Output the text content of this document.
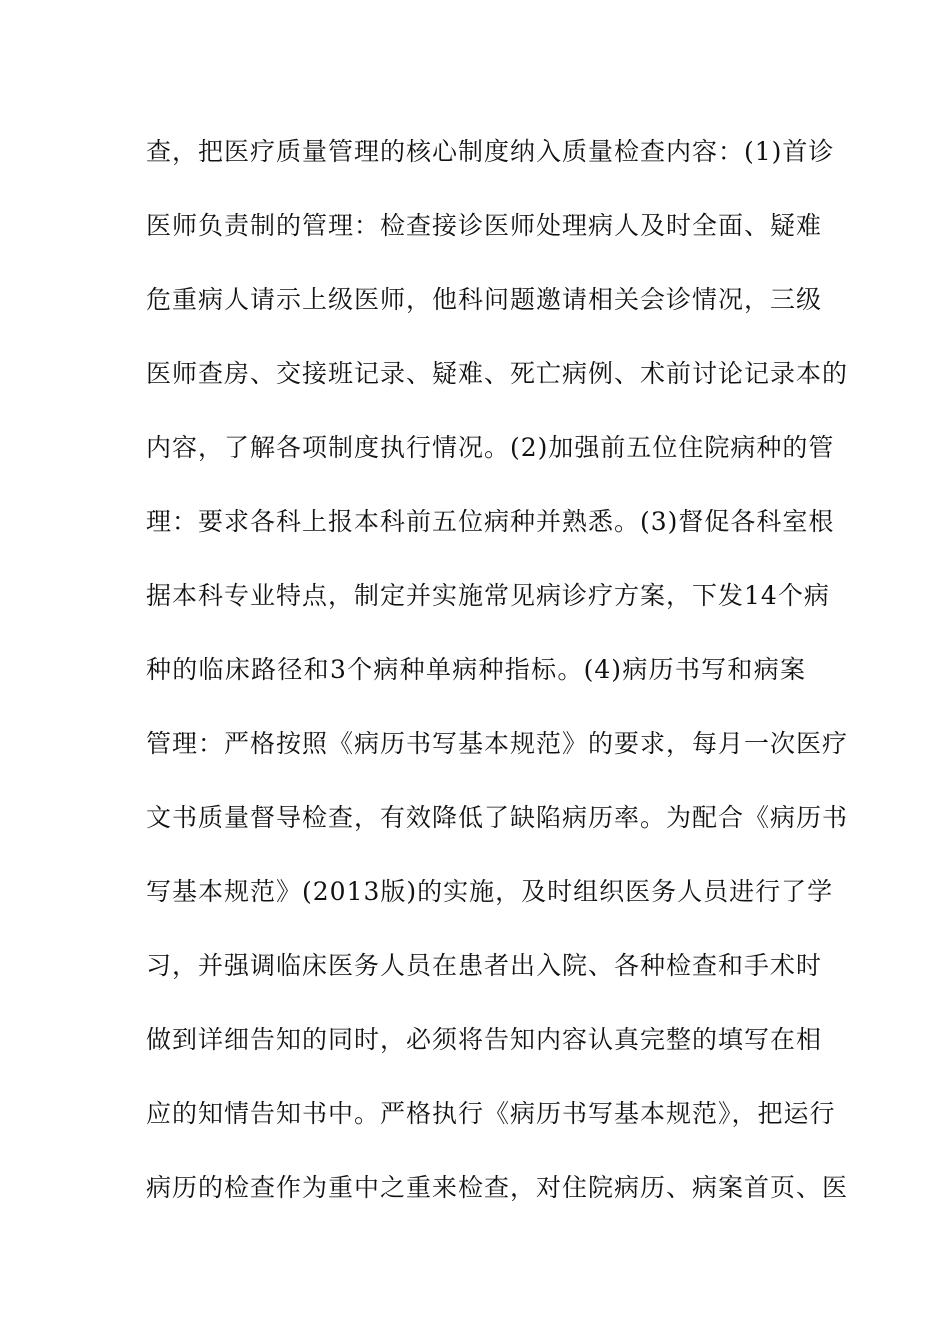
查，把医疗质量管理的核心制度纳入质量检查内容：(1)首诊
医师负责制的管理：检查接诊医师处理病人及时全面、疑难
危重病人请示上级医师，他科问题邀请相关会诊情况，三级
医师查房、交接班记录、疑难、死亡病例、术前讨论记录本的
内容，了解各项制度执行情况。(2)加强前五位住院病种的管
理：要求各科上报本科前五位病种并熟悉。(3)督促各科室根
据本科专业特点，制定并实施常见病诊疗方案，下发14个病
种的临床路径和3个病种单病种指标。(4)病历书写和病案
管理：严格按照《病历书写基本规范》的要求，每月一次医疗
文书质量督导检查，有效降低了缺陷病历率。为配合《病历书
写基本规范》(2013版)的实施，及时组织医务人员进行了学
习，并强调临床医务人员在患者出入院、各种检查和手术时
做到详细告知的同时，必须将告知内容认真完整的填写在相
应的知情告知书中。严格执行《病历书写基本规范》，把运行
病历的检查作为重中之重来检查，对住院病历、病案首页、医
